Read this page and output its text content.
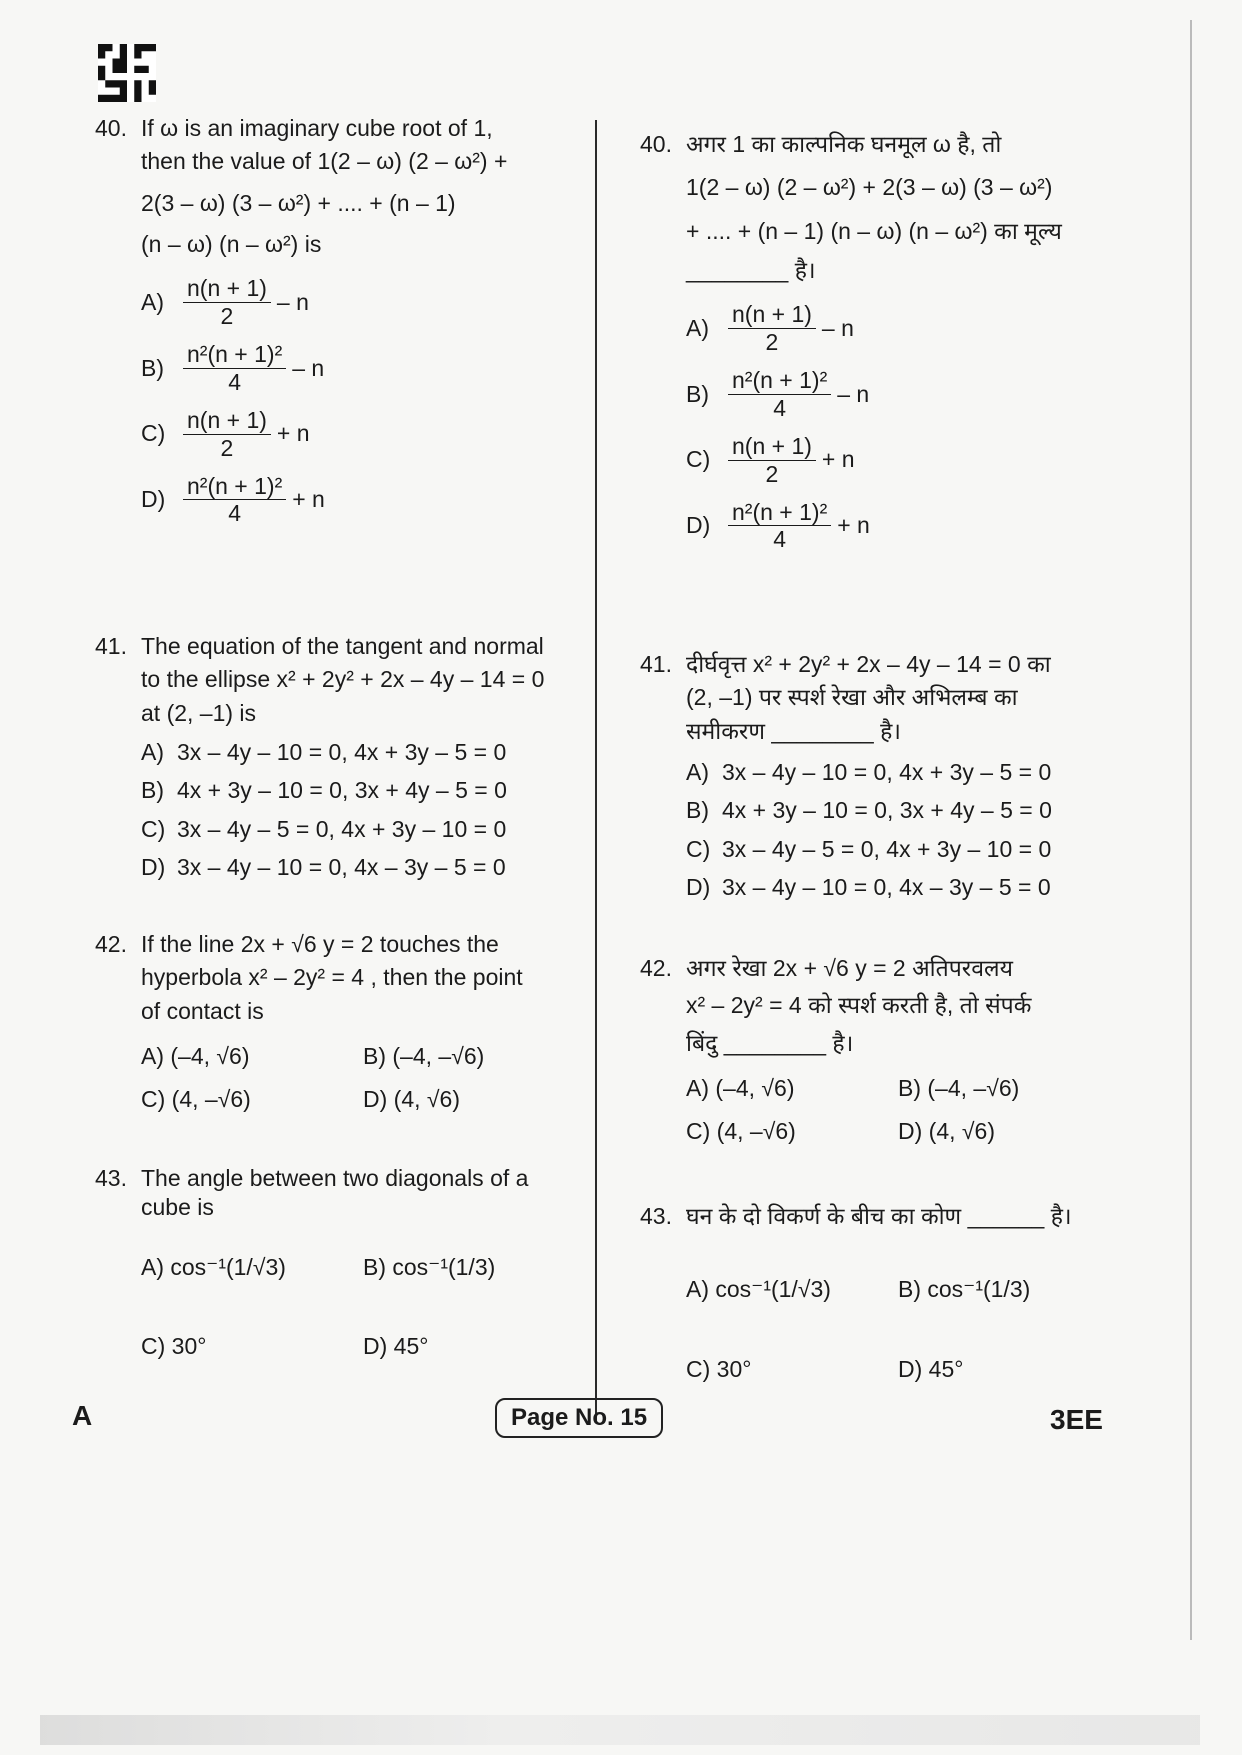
40. If ω is an imaginary cube root of 1,
then the value of 1(2 – ω) (2 – ω²) +
2(3 – ω) (3 – ω²) + .... + (n – 1)
(n – ω) (n – ω²) is
$A) \frac{n(n + 1)}{2}$ – n
$B) \frac{\text{n²(n + 1)²}}{4}$ – n
$C) \frac{n(n + 1)}{2} + n$
$D) \frac{\text{n²(n + 1)²}}{4} + n$
41. The equation of the tangent and normal
to the ellipse x² + 2y² + 2x – 4y – 14 = 0
at (2, –1) is
A) 3x – 4y – 10 = 0, 4x + 3y – 5 = 0
B) 4x + 3y – 10 = 0, 3x + 4y – 5 = 0
C) 3x – 4y – 5 = 0, 4x + 3y – 10 = 0
D) 3x – 4y – 10 = 0, 4x – 3y – 5 = 0
42. If the line 2x + √6 y = 2 touches the
hyperbola x² – 2y² = 4 , then the point
of contact is
A) (–4, √6)	B) (–4, –√6)
C) (4, –√6)	D) (4, √6)
43. The angle between two diagonals of a
cube is
A) cos⁻¹(1/√3)	B) cos⁻¹(1/3)
C) 30°	D) 45°
40. अगर 1 का काल्पनिक घनमूल ω है, तो
1(2 – ω) (2 – ω²) + 2(3 – ω) (3 – ω²)
+ .... + (n – 1) (n – ω) (n – ω²) का मूल्य
________ है।
$A) \frac{n(n + 1)}{2}$ – n
$B) \frac{\text{n²(n + 1)²}}{4}$ – n
$C) \frac{n(n + 1)}{2} + n$
$D) \frac{\text{n²(n + 1)²}}{4} + n$
41. दीर्घवृत्त x² + 2y² + 2x – 4y – 14 = 0 का
(2, –1) पर स्पर्श रेखा और अभिलम्ब का
समीकरण ________ है।
A) 3x – 4y – 10 = 0, 4x + 3y – 5 = 0
B) 4x + 3y – 10 = 0, 3x + 4y – 5 = 0
C) 3x – 4y – 5 = 0, 4x + 3y – 10 = 0
D) 3x – 4y – 10 = 0, 4x – 3y – 5 = 0
42. अगर रेखा 2x + √6 y = 2 अतिपरवलय
x² – 2y² = 4 को स्पर्श करती है, तो संपर्क
बिंदु ________ है।
A) (–4, √6)	B) (–4, –√6)
C) (4, –√6)	D) (4, √6)
43. घन के दो विकर्ण के बीच का कोण ______ है।
A) cos⁻¹(1/√3)	B) cos⁻¹(1/3)
C) 30°	D) 45°
A	Page No. 15	3EE
